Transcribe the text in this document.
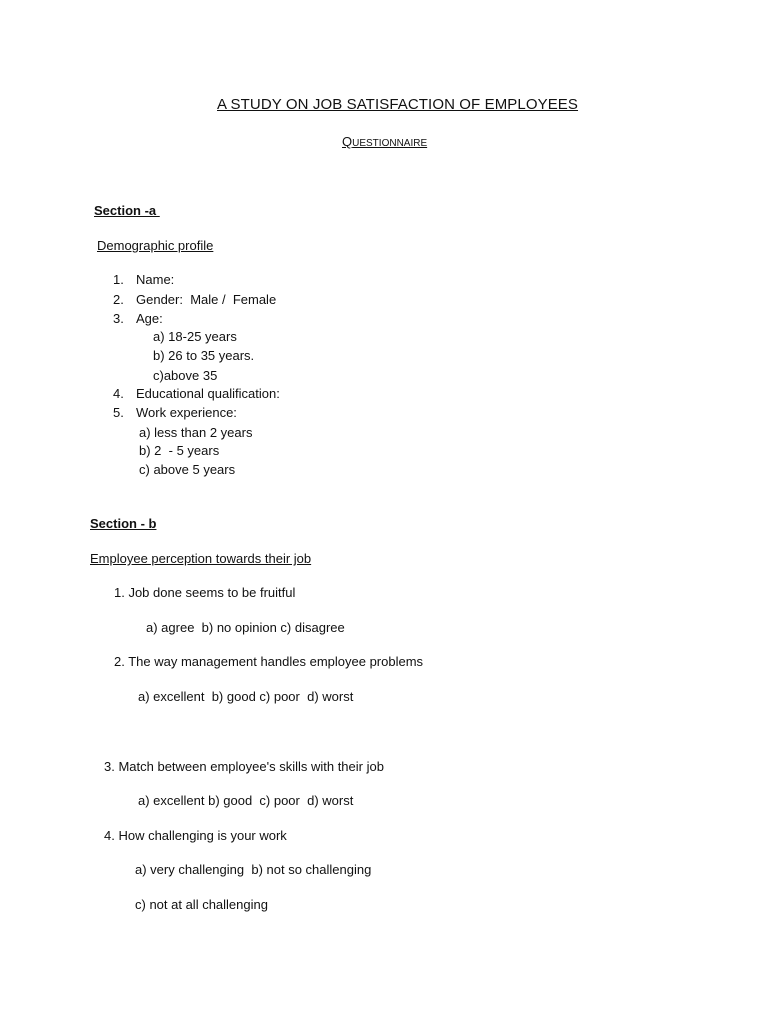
A STUDY ON JOB SATISFACTION OF EMPLOYEES
QUESTIONNAIRE
Section -a
Demographic profile
1. Name:
2. Gender:  Male /  Female
3. Age:
a) 18-25 years
b) 26 to 35 years.
c)above 35
4. Educational qualification:
5. Work experience:
a) less than 2 years
b) 2  - 5 years
c) above 5 years
Section - b
Employee perception towards their job
1. Job done seems to be fruitful
a) agree  b) no opinion c) disagree
2. The way management handles employee problems
a) excellent  b) good c) poor  d) worst
3. Match between employee's skills with their job
a) excellent b) good  c) poor  d) worst
4. How challenging is your work
a) very challenging  b) not so challenging
c) not at all challenging
